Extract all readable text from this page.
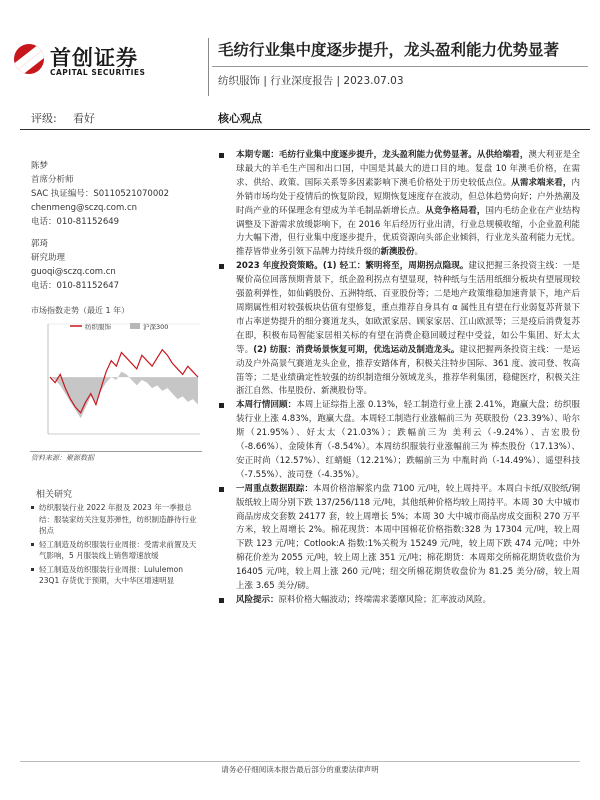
首创证券
CAPITAL SECURITIES
毛纺行业集中度逐步提升，龙头盈利能力优势显著
纺织服饰 | 行业深度报告 | 2023.07.03
评级: 看好	核心观点
陈梦
首席分析师
SAC 执证编号：S0110521070002
chenmeng@sczq.com.cn
电话：010-81152649
郭琦
研究助理
guoqi@sczq.com.cn
电话：010-81152647
市场指数走势（最近 1 年）
纺织服饰	沪深300
资料来源：聚源数据
相关研究
纺织服装行业 2022 年报及 2023 年一季报总结：服装家纺关注复苏弹性，纺织制造静待行业拐点
轻工制造及纺织服装行业周报：受需求前置及天气影响，5 月服装线上销售增速放缓
轻工制造及纺织服装行业周报：Lululemon 23Q1 存货优于预期，大中华区增速明显
本期专题：毛纺行业集中度逐步提升，龙头盈利能力优势显著。从供给端看，澳大利亚是全球最大的羊毛生产国和出口国，中国是其最大的进口目的地。复盘 10 年澳毛价格，在需求、供给、政策、国际关系等多因素影响下澳毛价格处于历史较低点位。从需求端来看，内外销市场均处于疫情后的恢复阶段，短期恢复速度存在波动，但总体趋势向好；户外热潮及时尚产业的环保理念有望成为羊毛制品新增长点。从竞争格局看，国内毛纺企业在产业结构调整及下游需求放缓影响下，在 2016 年后经历行业出清，行业总规模收缩，小企业盈利能力大幅下滑，但行业集中度逐步提升，优质资源向头部企业倾斜，行业龙头盈利能力无忧。推荐皆带业务引领下品牌力持续升级的新澳股份。
2023 年度投资策略。(1) 轻工：繁明将至，周期拐点隐现。建议把握三条投资主线：一是聚价高位回落预期背景下，纸企盈利拐点有望显现，特种纸与生活用纸细分板块有望展现较强盈利弹性，如仙鹤股份、五洲特纸、百亚股份等；二是地产政策维稳加速背景下，地产后周期属性相对较强板块估值有望修复，重点推荐自身具有 α 属性且有望在行业弱复苏背景下市占率逆势提升的细分赛道龙头，如欧派家居、顾家家居、江山欧派等；三是疫后消费复苏在即，积极布局智能家居相关标的有望在消费企稳回暖过程中受益，如公牛集团、好太太等。(2) 纺服：消费场景恢复可期，优选运动及制造龙头。建议把握两条投资主线：一是运动及户外高景气赛道龙头企业，推荐安踏体育，积极关注特步国际、361 度、波司登、牧高笛等；二是业绩确定性较强的纺织制造细分领域龙头，推荐华利集团，稳健医疗，积极关注浙江自然、伟星股份、新澳股份等。
本周行情回顾：本周上证综指上涨 0.13%，轻工制造行业上涨 2.41%，跑赢大盘；纺织服装行业上涨 4.83%，跑赢大盘。本周轻工制造行业涨幅前三为 英联股份（23.39%）、哈尔斯（21.95%）、好太太（21.03%）；跌幅前三为 美利云（-9.24%）、吉宏股份（-8.66%）、金陵体育（-8.54%）。本周纺织服装行业涨幅前三为 棒杰股份（17.13%）、安正时尚（12.57%）、红蜻蜓（12.21%）；跌幅前三为 中胤时尚（-14.49%）、遥望科技（-7.55%）、波司登（-4.35%）。
一周重点数据跟踪：本周价格溶解浆内盘 7100 元/吨，较上周持平。本周白卡纸/双胶纸/铜版纸较上周分别下跌 137/256/118 元/吨，其他纸种价格均较上周持平。本周 30 大中城市商品房成交套数 24177 套，较上周增长 5%；本周 30 大中城市商品房成交面积 270 万平方米，较上周增长 2%。棉花现货：本周中国棉花价格指数:328 为 17304 元/吨，较上周下跌 123 元/吨；Cotlook:A 指数:1%关税为 15249 元/吨，较上周下跌 474 元/吨；中外棉花价差为 2055 元/吨，较上周上涨 351 元/吨；棉花期货：本周郑交所棉花期货收盘价为 16405 元/吨，较上周上涨 260 元/吨；纽交所棉花期货收盘价为 81.25 美分/磅，较上周上涨 3.65 美分/磅。
风险提示：原料价格大幅波动；终端需求萎靡风险；汇率波动风险。
请务必仔细阅读本报告最后部分的重要法律声明
